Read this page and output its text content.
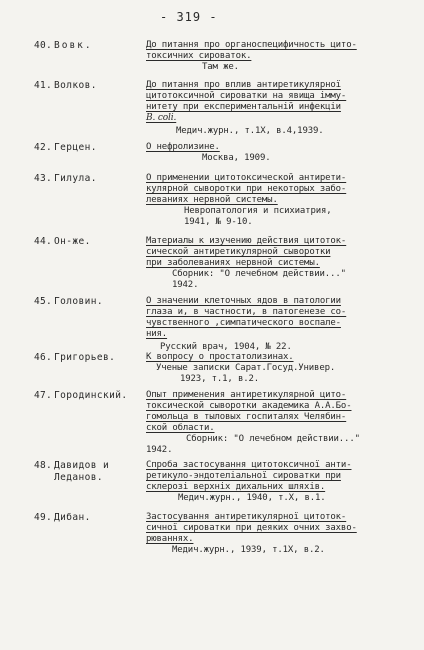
- 319 -
40. Вовк.	До питання про органоспецифичность цито-
токсичних сироваток.
Там же.
41. Волков.	До питання про вплив антиретикулярної
цитотоксичной сироватки на явища імму-
нитету при експериментальній инфекціи
B. coli.
Медич.журн., т.1Х, в.4,1939.
42. Герцен.	О нефролизине.
Москва, 1909.
43. Гилула.	О применении цитотоксической антирети-
кулярной сыворотки при некоторых забо-
леваниях нервной системы.
Невропатология и психиатрия,
1941, № 9-10.
44. Он-же.	Материалы к изучению действия цитоток-
сической антиретикулярной сыворотки
при заболеваниях нервной системы.
Сборник: "О лечебном действии..."
1942.
45. Головин.	О значении клеточных ядов в патологии
глаза и, в частности, в патогенезе со-
чувственного ,симпатического воспале-
ния.
Русский врач, 1904, № 22.
46. Григорьев.	К вопросу о простатолизинах.
Ученые записки Сарат.Госуд.Универ.
1923, т.1, в.2.
47. Городинский. Опыт применения антиретикулярной цито-
токсической сыворотки академика А.А.Бо-
гомольца в тыловых госпиталях Челябин-
ской области.
Сборник: "О лечебном действии..."
1942.
48. Давидов и
Леданов.
Спроба застосування цитотоксичної анти-
ретикуло-эндотеліальної сироватки при
склерозі верхніх дихальних шляхів.
Медич.журн., 1940, т.Х, в.1.
49. Дибан.	Застосування антиретикулярної цитоток-
сичної сироватки при деяких очних захво-
рюваннях.
Медич.журн., 1939, т.1Х, в.2.
